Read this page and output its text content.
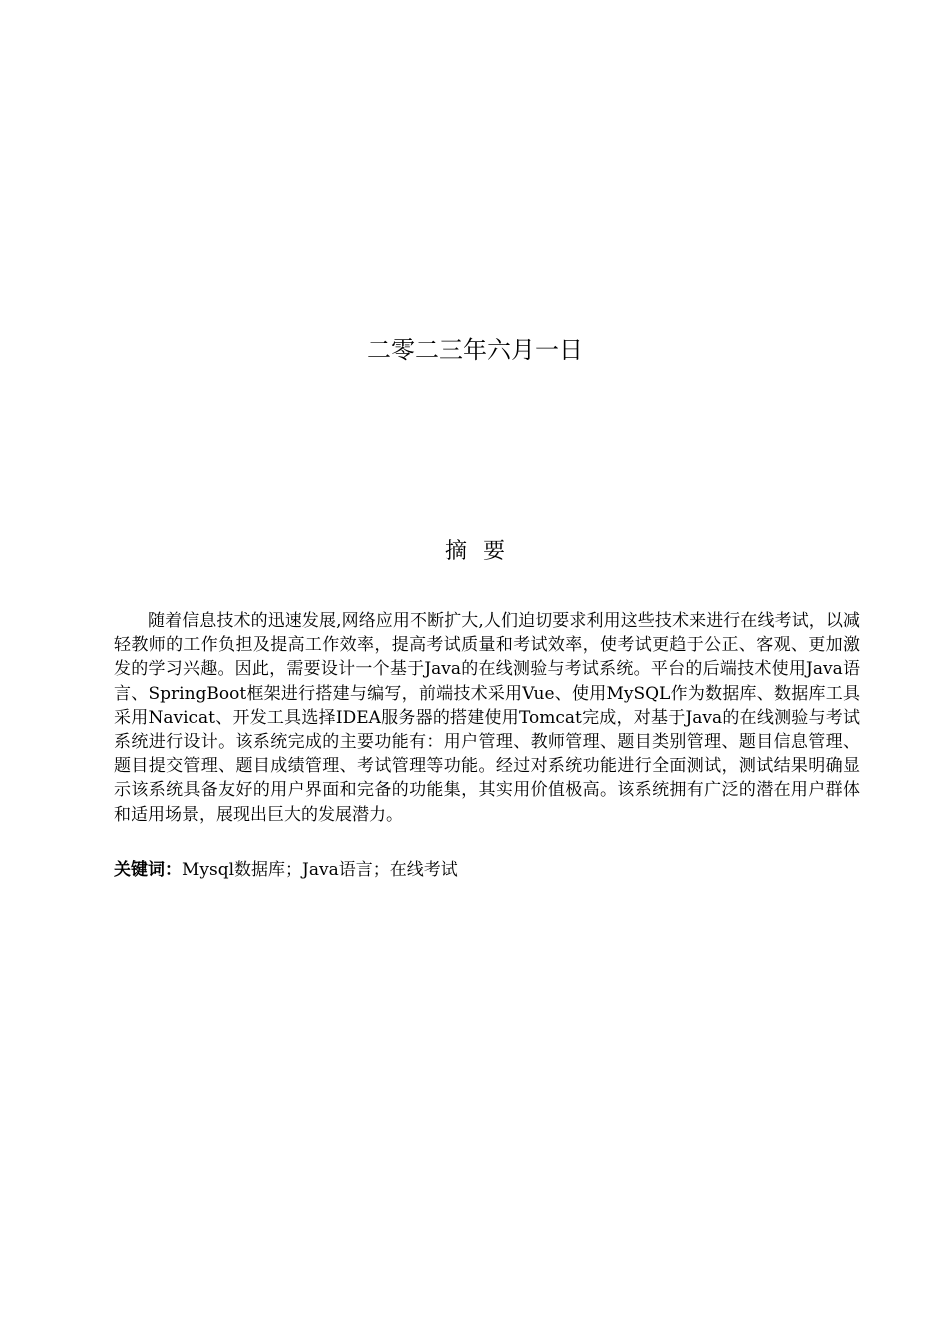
二零二三年六月一日
摘要

随着信息技术的迅速发展,网络应用不断扩大,人们迫切要求利用这些技术来进行在线考试，以减轻教师的工作负担及提高工作效率，提高考试质量和考试效率，使考试更趋于公正、客观、更加激发的学习兴趣。因此，需要设计一个基于Java的在线测验与考试系统。平台的后端技术使用Java语言、SpringBoot框架进行搭建与编写，前端技术采用Vue、使用MySQL作为数据库、数据库工具采用Navicat、开发工具选择IDEA服务器的搭建使用Tomcat完成，对基于Java的在线测验与考试系统进行设计。该系统完成的主要功能有：用户管理、教师管理、题目类别管理、题目信息管理、题目提交管理、题目成绩管理、考试管理等功能。经过对系统功能进行全面测试，测试结果明确显示该系统具备友好的用户界面和完备的功能集，其实用价值极高。该系统拥有广泛的潜在用户群体和适用场景，展现出巨大的发展潜力。

关键词：Mysql数据库；Java语言；在线考试
